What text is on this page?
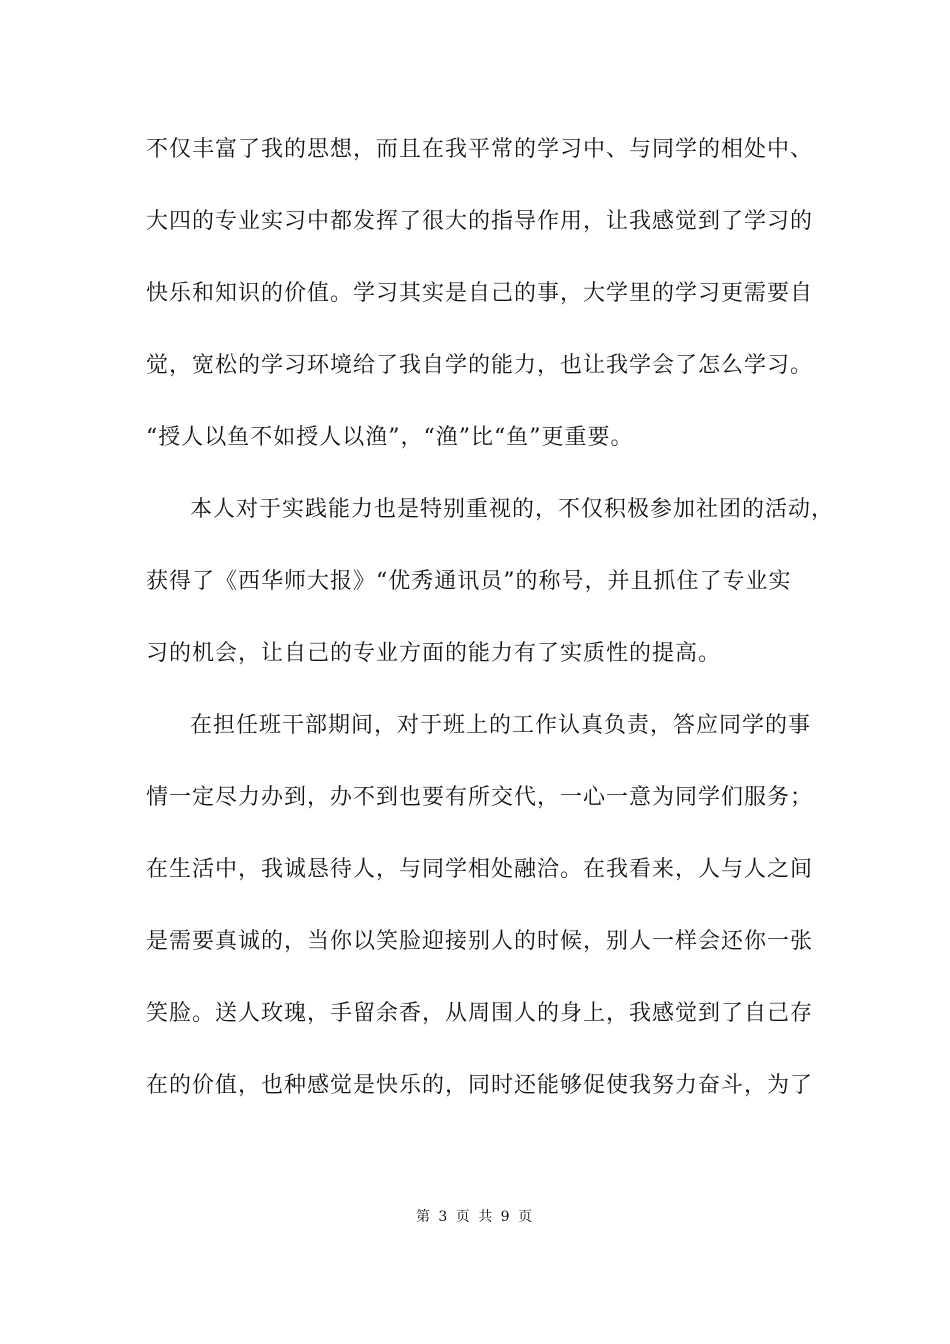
不仅丰富了我的思想，而且在我平常的学习中、与同学的相处中、
大四的专业实习中都发挥了很大的指导作用，让我感觉到了学习的
快乐和知识的价值。学习其实是自己的事，大学里的学习更需要自
觉，宽松的学习环境给了我自学的能力，也让我学会了怎么学习。
“授人以鱼不如授人以渔”，“渔”比“鱼”更重要。
本人对于实践能力也是特别重视的，不仅积极参加社团的活动，
获得了《西华师大报》“优秀通讯员”的称号，并且抓住了专业实
习的机会，让自己的专业方面的能力有了实质性的提高。
在担任班干部期间，对于班上的工作认真负责，答应同学的事
情一定尽力办到，办不到也要有所交代，一心一意为同学们服务；
在生活中，我诚恳待人，与同学相处融洽。在我看来，人与人之间
是需要真诚的，当你以笑脸迎接别人的时候，别人一样会还你一张
笑脸。送人玫瑰，手留余香，从周围人的身上，我感觉到了自己存
在的价值，也种感觉是快乐的，同时还能够促使我努力奋斗，为了
第 3 页 共 9 页
